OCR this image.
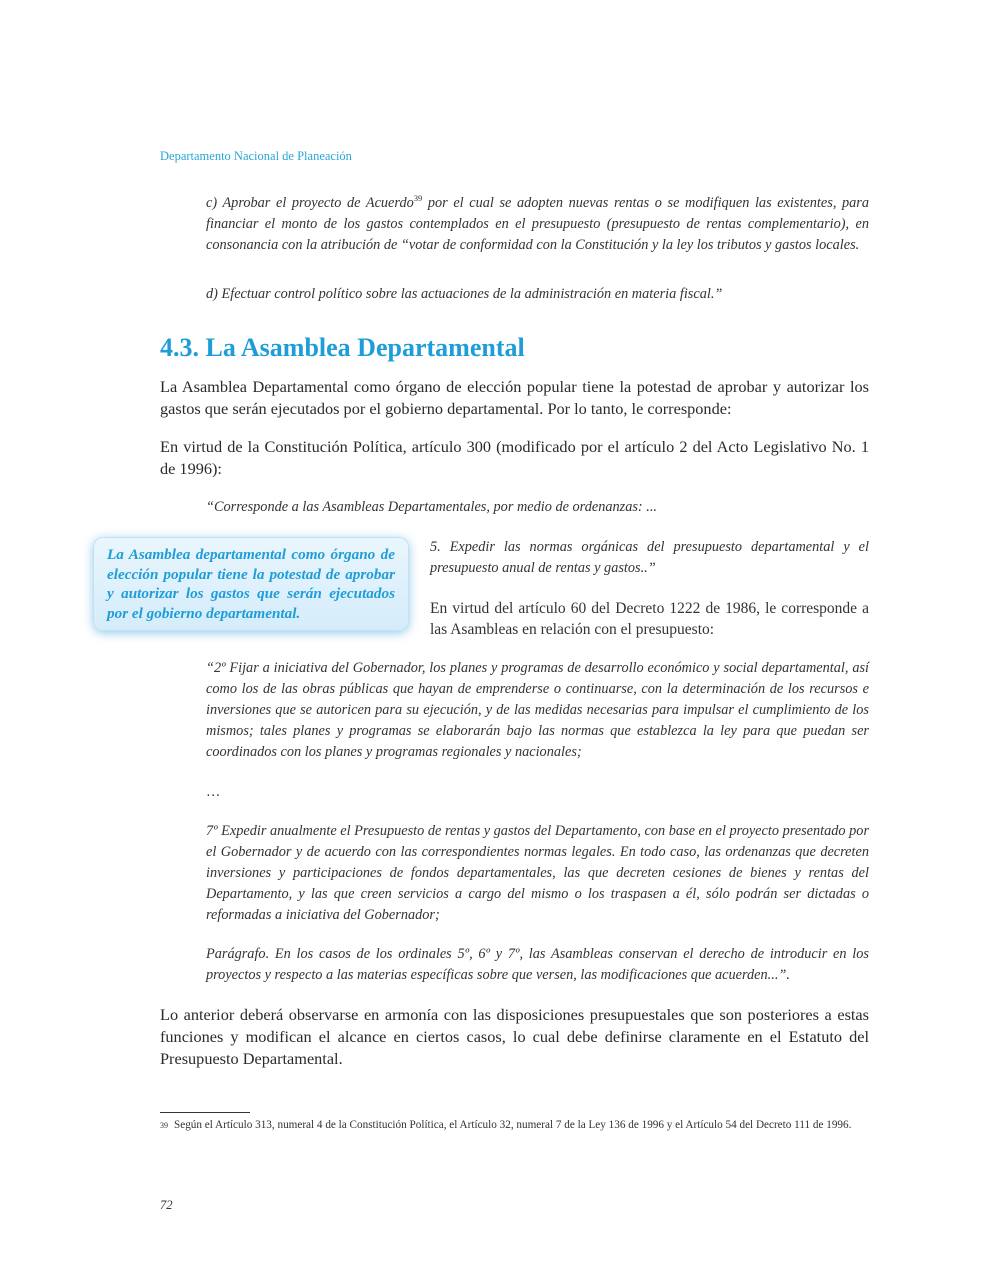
Departamento Nacional de Planeación

c) Aprobar el proyecto de Acuerdo$^{39}$ por el cual se adopten nuevas rentas o se modifiquen las existentes, para financiar el monto de los gastos contemplados en el presupuesto (presupuesto de rentas complementario), en consonancia con la atribución de “votar de conformidad con la Constitución y la ley los tributos y gastos locales.

d) Efectuar control político sobre las actuaciones de la administración en materia fiscal.”

4.3. La Asamblea Departamental

La Asamblea Departamental como órgano de elección popular tiene la potestad de aprobar y autorizar los gastos que serán ejecutados por el gobierno departamental. Por lo tanto, le corresponde:

En virtud de la Constitución Política, artículo 300 (modificado por el artículo 2 del Acto Legislativo No. 1 de 1996):

“Corresponde a las Asambleas Departamentales, por medio de ordenanzas: ...

La Asamblea departamental como órgano de elección popular tiene la potestad de aprobar y autorizar los gastos que serán ejecutados por el gobierno departamental.

5. Expedir las normas orgánicas del presupuesto departamental y el presupuesto anual de rentas y gastos..”

En virtud del artículo 60 del Decreto 1222 de 1986, le corresponde a las Asambleas en relación con el presupuesto:

“2º Fijar a iniciativa del Gobernador, los planes y programas de desarrollo económico y social departamental, así como los de las obras públicas que hayan de emprenderse o continuarse, con la determinación de los recursos e inversiones que se autoricen para su ejecución, y de las medidas necesarias para impulsar el cumplimiento de los mismos; tales planes y programas se elaborarán bajo las normas que establezca la ley para que puedan ser coordinados con los planes y programas regionales y nacionales;

…

7º Expedir anualmente el Presupuesto de rentas y gastos del Departamento, con base en el proyecto presentado por el Gobernador y de acuerdo con las correspondientes normas legales. En todo caso, las ordenanzas que decreten inversiones y participaciones de fondos departamentales, las que decreten cesiones de bienes y rentas del Departamento, y las que creen servicios a cargo del mismo o los traspasen a él, sólo podrán ser dictadas o reformadas a iniciativa del Gobernador;

Parágrafo. En los casos de los ordinales 5º, 6º y 7º, las Asambleas conservan el derecho de introducir en los proyectos y respecto a las materias específicas sobre que versen, las modificaciones que acuerden...”.

Lo anterior deberá observarse en armonía con las disposiciones presupuestales que son posteriores a estas funciones y modifican el alcance en ciertos casos, lo cual debe definirse claramente en el Estatuto del Presupuesto Departamental.

39 Según el Artículo 313, numeral 4 de la Constitución Política, el Artículo 32, numeral 7 de la Ley 136 de 1996 y el Artículo 54 del Decreto 111 de 1996.
72
